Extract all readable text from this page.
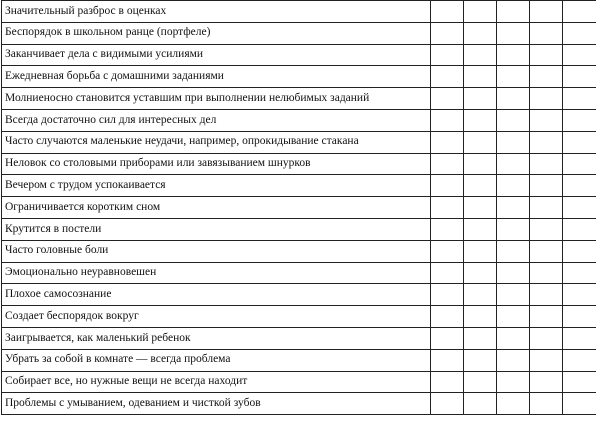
Значительный разброс в оценках					
Беспорядок в школьном ранце (портфеле)					
Заканчивает дела с видимыми усилиями					
Ежедневная борьба с домашними заданиями					
Молниеносно становится уставшим при выполнении нелюбимых заданий					
Всегда достаточно сил для интересных дел					
Часто случаются маленькие неудачи, например, опрокидывание стакана					
Неловок со столовыми приборами или завязыванием шнурков					
Вечером с трудом успокаивается					
Ограничивается коротким сном					
Крутится в постели					
Часто головные боли					
Эмоционально неуравновешен					
Плохое самосознание					
Создает беспорядок вокруг					
Заигрывается, как маленький ребенок					
Убрать за собой в комнате — всегда проблема					
Собирает все, но нужные вещи не всегда находит					
Проблемы с умыванием, одеванием и чисткой зубов					
